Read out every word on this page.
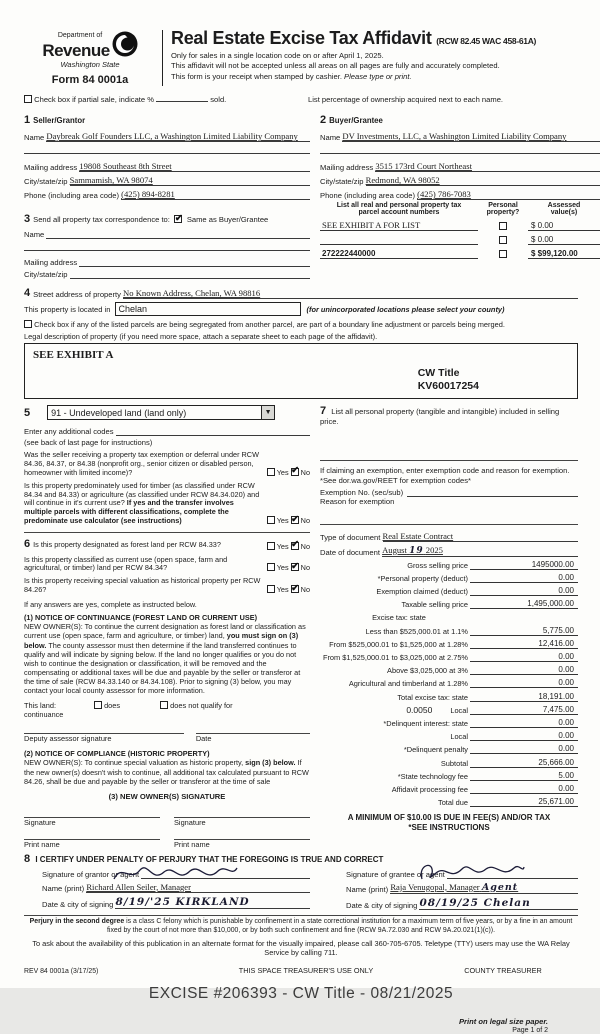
Department of
Revenue
Washington State
Form 84 0001a
Real Estate Excise Tax Affidavit (RCW 82.45 WAC 458-61A)
Only for sales in a single location code on or after April 1, 2025.
This affidavit will not be accepted unless all areas on all pages are fully and accurately completed.
This form is your receipt when stamped by cashier. Please type or print.
Check box if partial sale, indicate %	sold.	List percentage of ownership acquired next to each name.
1 Seller/Grantor
Name
Daybreak Golf Founders LLC, a Washington Limited Liability Company
Mailing address
19808 Southeast 8th Street
City/state/zip
Sammamish, WA 98074
Phone (including area code)
(425) 894-8281
3 Send all property tax correspondence to: ✔ Same as Buyer/Grantee
Name

Mailing address

City/state/zip

2 Buyer/Grantee
Name
DV Investments, LLC, a Washington Limited Liability Company
Mailing address
3515 173rd Court Northeast
City/state/zip
Redmond, WA 98052
Phone (including area code)
(425) 786-7083
List all real and personal property tax
parcel account numbers
Personal
property?
Assessed
value(s)
SEE EXHIBIT A FOR LIST	$ 0.00
$ 0.00
272222440000	$ $99,120.00
4 Street address of property
No Known Address, Chelan, WA 98816
This property is located in Chelan	(for unincorporated locations please select your county)
Check box if any of the listed parcels are being segregated from another parcel, are part of a boundary line adjustment or parcels being merged.
Legal description of property (if you need more space, attach a separate sheet to each page of the affidavit).
SEE EXHIBIT A
CW Title
KV60017254
5	91 - Undeveloped land (land only)	▼
Enter any additional codes

(see back of last page for instructions)
Was the seller receiving a property tax exemption or deferral under RCW 84.36, 84.37, or 84.38 (nonprofit org., senior citizen or disabled person, homeowner with limited income)?	Yes ✔ No
Is this property predominately used for timber (as classified under RCW 84.34 and 84.33) or agriculture (as classified under RCW 84.34.020) and will continue in it's current use? If yes and the transfer involves multiple parcels with different classifications, complete the predominate use calculator (see instructions)	Yes ✔ No
6 Is this property designated as forest land per RCW 84.33?	Yes ✔ No
Is this property classified as current use (open space, farm and agricultural, or timber) land per RCW 84.34?	Yes ✔ No
Is this property receiving special valuation as historical property per RCW 84.26?	Yes ✔ No
If any answers are yes, complete as instructed below.
(1) NOTICE OF CONTINUANCE (FOREST LAND OR CURRENT USE)
NEW OWNER(S): To continue the current designation as forest land or classification as current use (open space, farm and agriculture, or timber) land, you must sign on (3) below. The county assessor must then determine if the land transferred continues to qualify and will indicate by signing below. If the land no longer qualifies or you do not wish to continue the designation or classification, it will be removed and the compensating or additional taxes will be due and payable by the seller or transferor at the time of sale (RCW 84.33.140 or 84.34.108). Prior to signing (3) below, you may contact your local county assessor for more information.
This land:	does	does not qualify for
continuance
Deputy assessor signature	Date
(2) NOTICE OF COMPLIANCE (HISTORIC PROPERTY)
NEW OWNER(S): To continue special valuation as historic property, sign (3) below. If the new owner(s) doesn't wish to continue, all additional tax calculated pursuant to RCW 84.26, shall be due and payable by the seller or transferor at the time of sale
(3) NEW OWNER(S) SIGNATURE
Signature	Signature
Print name	Print name
7 List all personal property (tangible and intangible) included in selling price.
If claiming an exemption, enter exemption code and reason for exemption. *See dor.wa.gov/REET for exemption codes*
Exemption No. (sec/sub)

Reason for exemption
Type of document
Real Estate Contract
Date of document
August 19 2025
Gross selling price	1495000.00
*Personal property (deduct)	0.00
Exemption claimed (deduct)	0.00
Taxable selling price	1,495,000.00
Excise tax: state
Less than $525,000.01 at 1.1%	5,775.00
From $525,000.01 to $1,525,000 at 1.28%	12,416.00
From $1,525,000.01 to $3,025,000 at 2.75%	0.00
Above $3,025,000 at 3%	0.00
Agricultural and timberland at 1.28%	0.00
Total excise tax: state	18,191.00
0.0050 Local	7,475.00
*Delinquent interest: state	0.00
Local	0.00
*Delinquent penalty	0.00
Subtotal	25,666.00
*State technology fee	5.00
Affidavit processing fee	0.00
Total due	25,671.00
A MINIMUM OF $10.00 IS DUE IN FEE(S) AND/OR TAX
*SEE INSTRUCTIONS
8 I CERTIFY UNDER PENALTY OF PERJURY THAT THE FOREGOING IS TRUE AND CORRECT
Signature of grantor or agent

Name (print)
Richard Allen Seiler, Manager
Date & city of signing
8/19/'25 KIRKLAND
Signature of grantee or agent

Name (print)
Raja Venugopal, Manager Agent
Date & city of signing
08/19/25 Chelan
Perjury in the second degree is a class C felony which is punishable by confinement in a state correctional institution for a maximum term of five years, or by a fine in an amount fixed by the court of not more than $10,000, or by both such confinement and fine (RCW 9A.72.030 and RCW 9A.20.021(1)(c)).
To ask about the availability of this publication in an alternate format for the visually impaired, please call 360-705-6705. Teletype (TTY) users may use the WA Relay Service by calling 711.
REV 84 0001a (3/17/25)	THIS SPACE TREASURER'S USE ONLY	COUNTY TREASURER
EXCISE #206393 - CW Title - 08/21/2025
Print on legal size paper.
Page 1 of 2
